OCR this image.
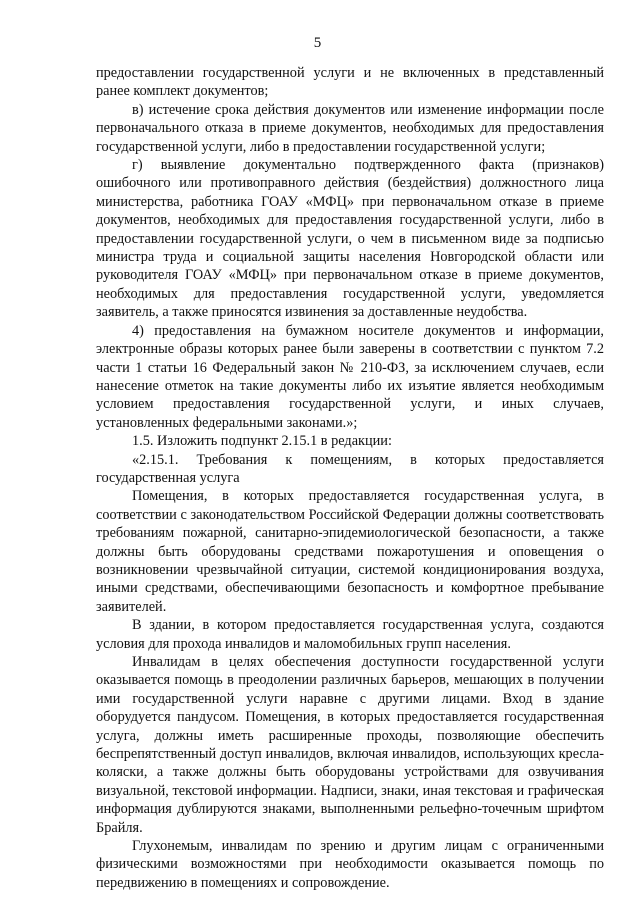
5

предоставлении государственной услуги и не включенных в представленный ранее комплект документов;

в) истечение срока действия документов или изменение информации после первоначального отказа в приеме документов, необходимых для предоставления государственной услуги, либо в предоставлении государственной услуги;

г) выявление документально подтвержденного факта (признаков) ошибочного или противоправного действия (бездействия) должностного лица министерства, работника ГОАУ «МФЦ» при первоначальном отказе в приеме документов, необходимых для предоставления государственной услуги, либо в предоставлении государственной услуги, о чем в письменном виде за подписью министра труда и социальной защиты населения Новгородской области или руководителя ГОАУ «МФЦ» при первоначальном отказе в приеме документов, необходимых для предоставления государственной услуги, уведомляется заявитель, а также приносятся извинения за доставленные неудобства.

4) предоставления на бумажном носителе документов и информации, электронные образы которых ранее были заверены в соответствии с пунктом 7.2 части 1 статьи 16 Федеральный закон № 210-ФЗ, за исключением случаев, если нанесение отметок на такие документы либо их изъятие является необходимым условием предоставления государственной услуги, и иных случаев, установленных федеральными законами.»;

1.5. Изложить подпункт 2.15.1 в редакции:

«2.15.1. Требования к помещениям, в которых предоставляется государственная услуга

Помещения, в которых предоставляется государственная услуга, в соответствии с законодательством Российской Федерации должны соответствовать требованиям пожарной, санитарно-эпидемиологической безопасности, а также должны быть оборудованы средствами пожаротушения и оповещения о возникновении чрезвычайной ситуации, системой кондиционирования воздуха, иными средствами, обеспечивающими безопасность и комфортное пребывание заявителей.

В здании, в котором предоставляется государственная услуга, создаются условия для прохода инвалидов и маломобильных групп населения.

Инвалидам в целях обеспечения доступности государственной услуги оказывается помощь в преодолении различных барьеров, мешающих в получении ими государственной услуги наравне с другими лицами. Вход в здание оборудуется пандусом. Помещения, в которых предоставляется государственная услуга, должны иметь расширенные проходы, позволяющие обеспечить беспрепятственный доступ инвалидов, включая инвалидов, использующих кресла-коляски, а также должны быть оборудованы устройствами для озвучивания визуальной, текстовой информации. Надписи, знаки, иная текстовая и графическая информация дублируются знаками, выполненными рельефно-точечным шрифтом Брайля.

Глухонемым, инвалидам по зрению и другим лицам с ограниченными физическими возможностями при необходимости оказывается помощь по передвижению в помещениях и сопровождение.
